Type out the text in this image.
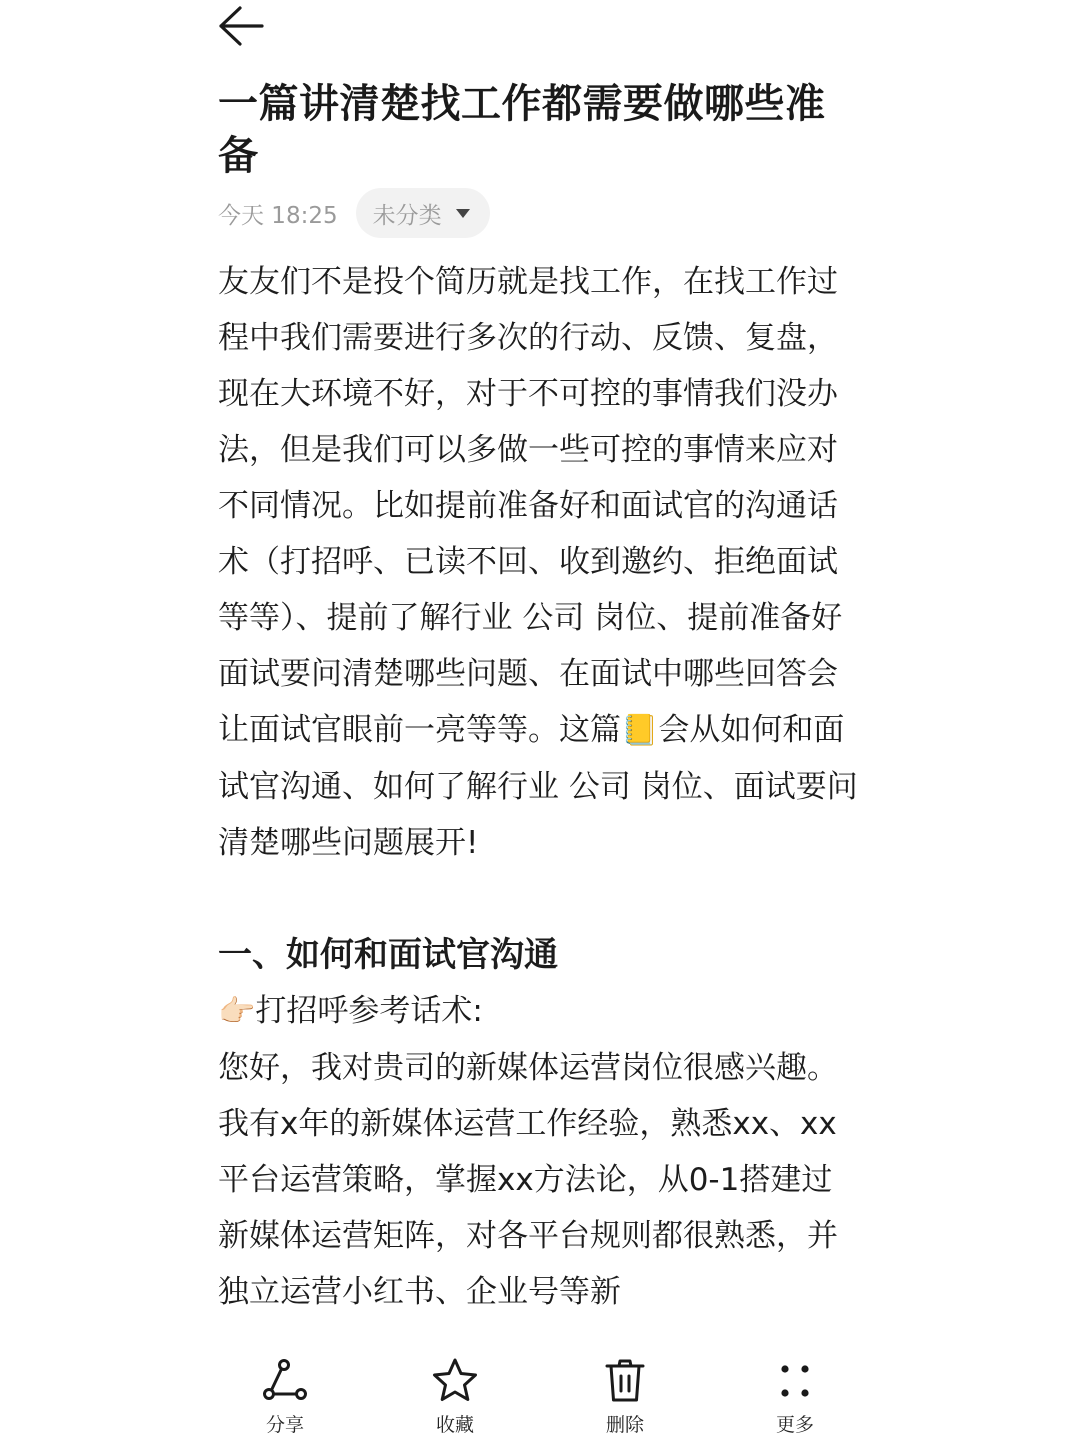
一篇讲清楚找工作都需要做哪些准备
今天 18:25 未分类

友友们不是投个简历就是找工作，在找工作过程中我们需要进行多次的行动、反馈、复盘，现在大环境不好，对于不可控的事情我们没办法，但是我们可以多做一些可控的事情来应对不同情况。比如提前准备好和面试官的沟通话术（打招呼、已读不回、收到邀约、拒绝面试等等）、提前了解行业 公司 岗位、提前准备好面试要问清楚哪些问题、在面试中哪些回答会让面试官眼前一亮等等。这篇📒会从如何和面试官沟通、如何了解行业 公司 岗位、面试要问清楚哪些问题展开!

一、如何和面试官沟通

👉🏻打招呼参考话术:

您好，我对贵司的新媒体运营岗位很感兴趣。我有x年的新媒体运营工作经验，熟悉xx、xx平台运营策略，掌握xx方法论，从0-1搭建过新媒体运营矩阵，对各平台规则都很熟悉，并独立运营小红书、企业号等新

分享	收藏	删除	更多
